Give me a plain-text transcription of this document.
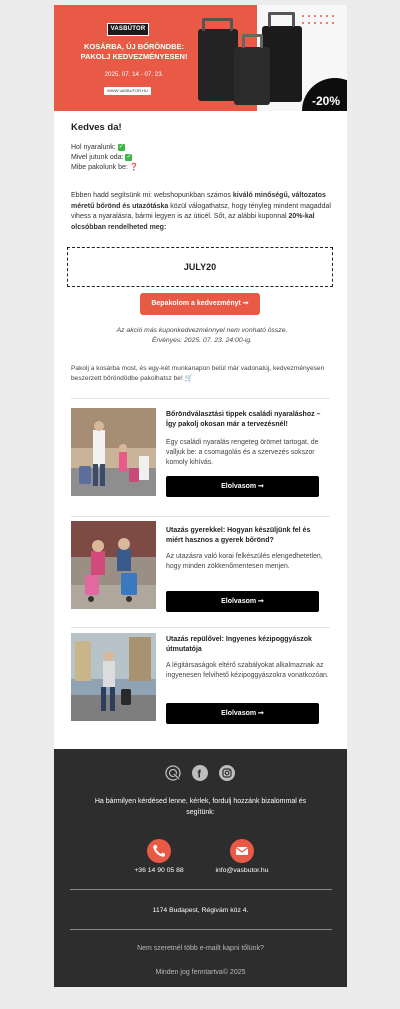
VASBÚTOR
KOSÁRBA, ÚJ BŐRÖNDBE:
PAKOLJ KEDVEZMÉNYESEN!
2025. 07. 14 - 07. 23.
WWW.VASBUTOR.HU
-20%
Kedves da!
Hol nyaralunk: ✓
Mivel jutunk oda: ✓
Mibe pakolunk be: ❓
Ebben hadd segítsünk mi: webshopunkban számos kiváló minőségű, változatos méretű bőrönd és utazótáska közül válogathatsz, hogy tényleg mindent magaddal vihess a nyaralásra, bármi legyen is az úticél. Sőt, az alábbi kuponnal 20%-kal olcsóbban rendelheted meg:
JULY20
Bepakolom a kedvezményt ➞
Az akció más kuponkedvezménnyel nem vonható össze.
Érvényes: 2025. 07. 23. 24:00-ig.
Pakolj a kosárba most, és egy-két munkanapon belül már vadonatúj, kedvezményesen beszerzett bőröndödbe pakolhatsz be! 🛒
Bőröndválasztási tippek családi nyaraláshoz – Így pakolj okosan már a tervezésnél!
Egy családi nyaralás rengeteg örömet tartogat, de valljuk be: a csomagolás és a szervezés sokszor komoly kihívás.
Elolvasom ➞
Utazás gyerekkel: Hogyan készüljünk fel és miért hasznos a gyerek bőrönd?
Az utazásra való korai felkészülés elengedhetetlen, hogy minden zökkenőmentesen menjen.
Elolvasom ➞
Utazás repülővel: Ingyenes kézipoggyászok útmutatója
A légitársaságok eltérő szabályokat alkalmaznak az ingyenesen felvihető kézipoggyászokra vonatkozóan.
Elolvasom ➞
f
Ha bármilyen kérdésed lenne, kérlek, fordulj hozzánk bizalommal és segítünk:
+36 14 90 05 88	info@vasbutor.hu
1174 Budapest, Régivám köz 4.
Nem szeretnél több e-mailt kapni tőlünk?
Minden jog fenntartva© 2025
